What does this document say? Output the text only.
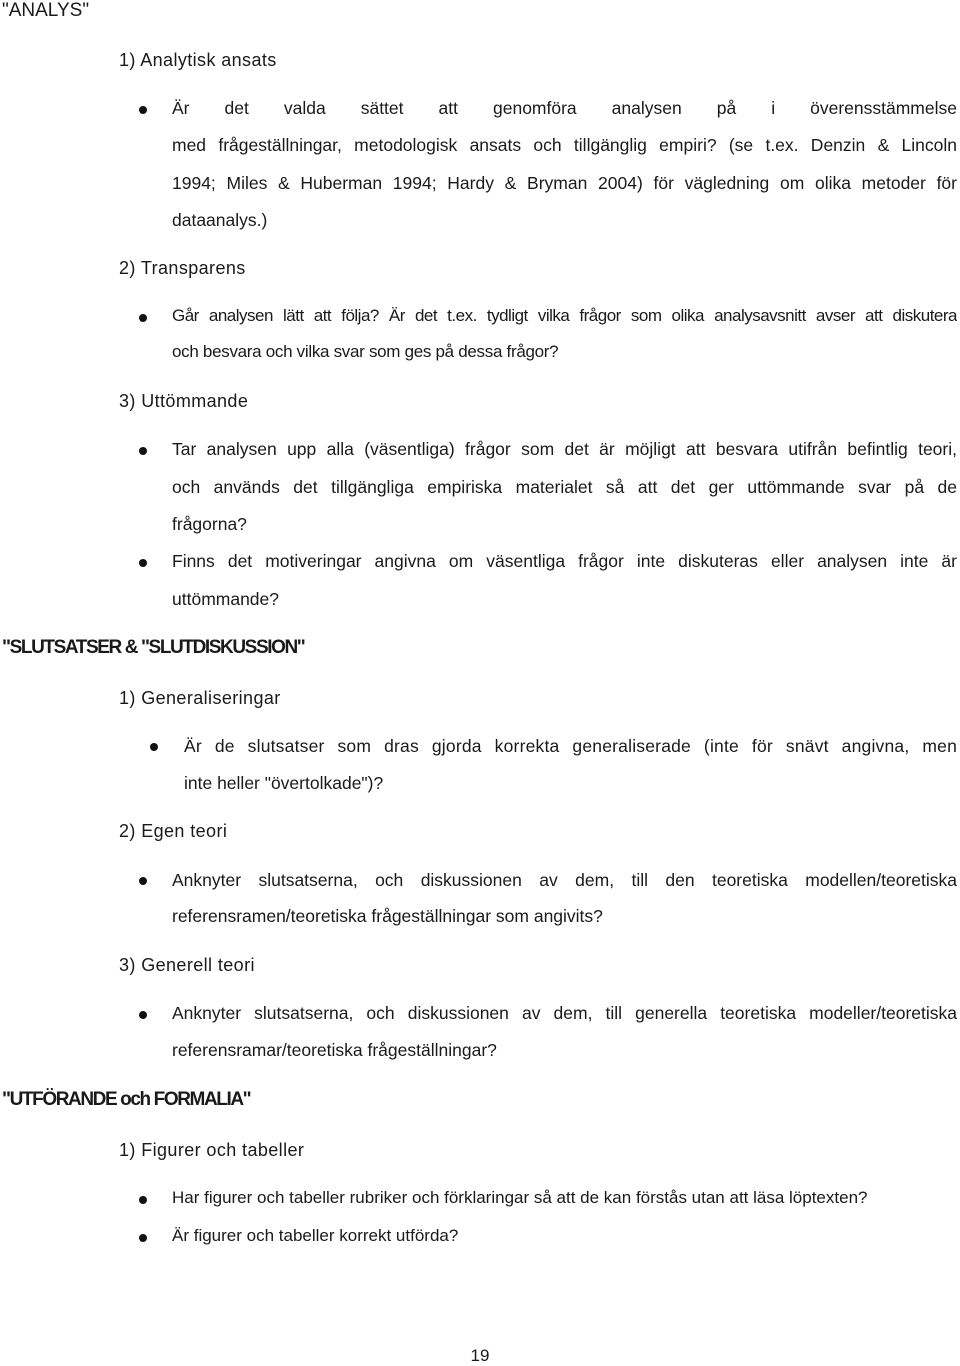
"ANALYS"
1) Analytisk ansats
Är det valda sättet att genomföra analysen på i överensstämmelse
med frågeställningar, metodologisk ansats och tillgänglig empiri? (se t.ex. Denzin & Lincoln
1994; Miles & Huberman 1994; Hardy & Bryman 2004) för vägledning om olika metoder för
dataanalys.)
2) Transparens
Går analysen lätt att följa? Är det t.ex. tydligt vilka frågor som olika analysavsnitt avser att diskutera
och besvara och vilka svar som ges på dessa frågor?
3) Uttömmande
Tar analysen upp alla (väsentliga) frågor som det är möjligt att besvara utifrån befintlig teori,
och används det tillgängliga empiriska materialet så att det ger uttömmande svar på de
frågorna?
Finns det motiveringar angivna om väsentliga frågor inte diskuteras eller analysen inte är
uttömmande?
"SLUTSATSER & "SLUTDISKUSSION"
1) Generaliseringar
Är de slutsatser som dras gjorda korrekta generaliserade (inte för snävt angivna, men
inte heller "övertolkade")?
2) Egen teori
Anknyter slutsatserna, och diskussionen av dem, till den teoretiska modellen/teoretiska
referensramen/teoretiska frågeställningar som angivits?
3) Generell teori
Anknyter slutsatserna, och diskussionen av dem, till generella teoretiska modeller/teoretiska
referensramar/teoretiska frågeställningar?
"UTFÖRANDE och FORMALIA"
1) Figurer och tabeller
Har figurer och tabeller rubriker och förklaringar så att de kan förstås utan att läsa löptexten?
Är figurer och tabeller korrekt utförda?
19
